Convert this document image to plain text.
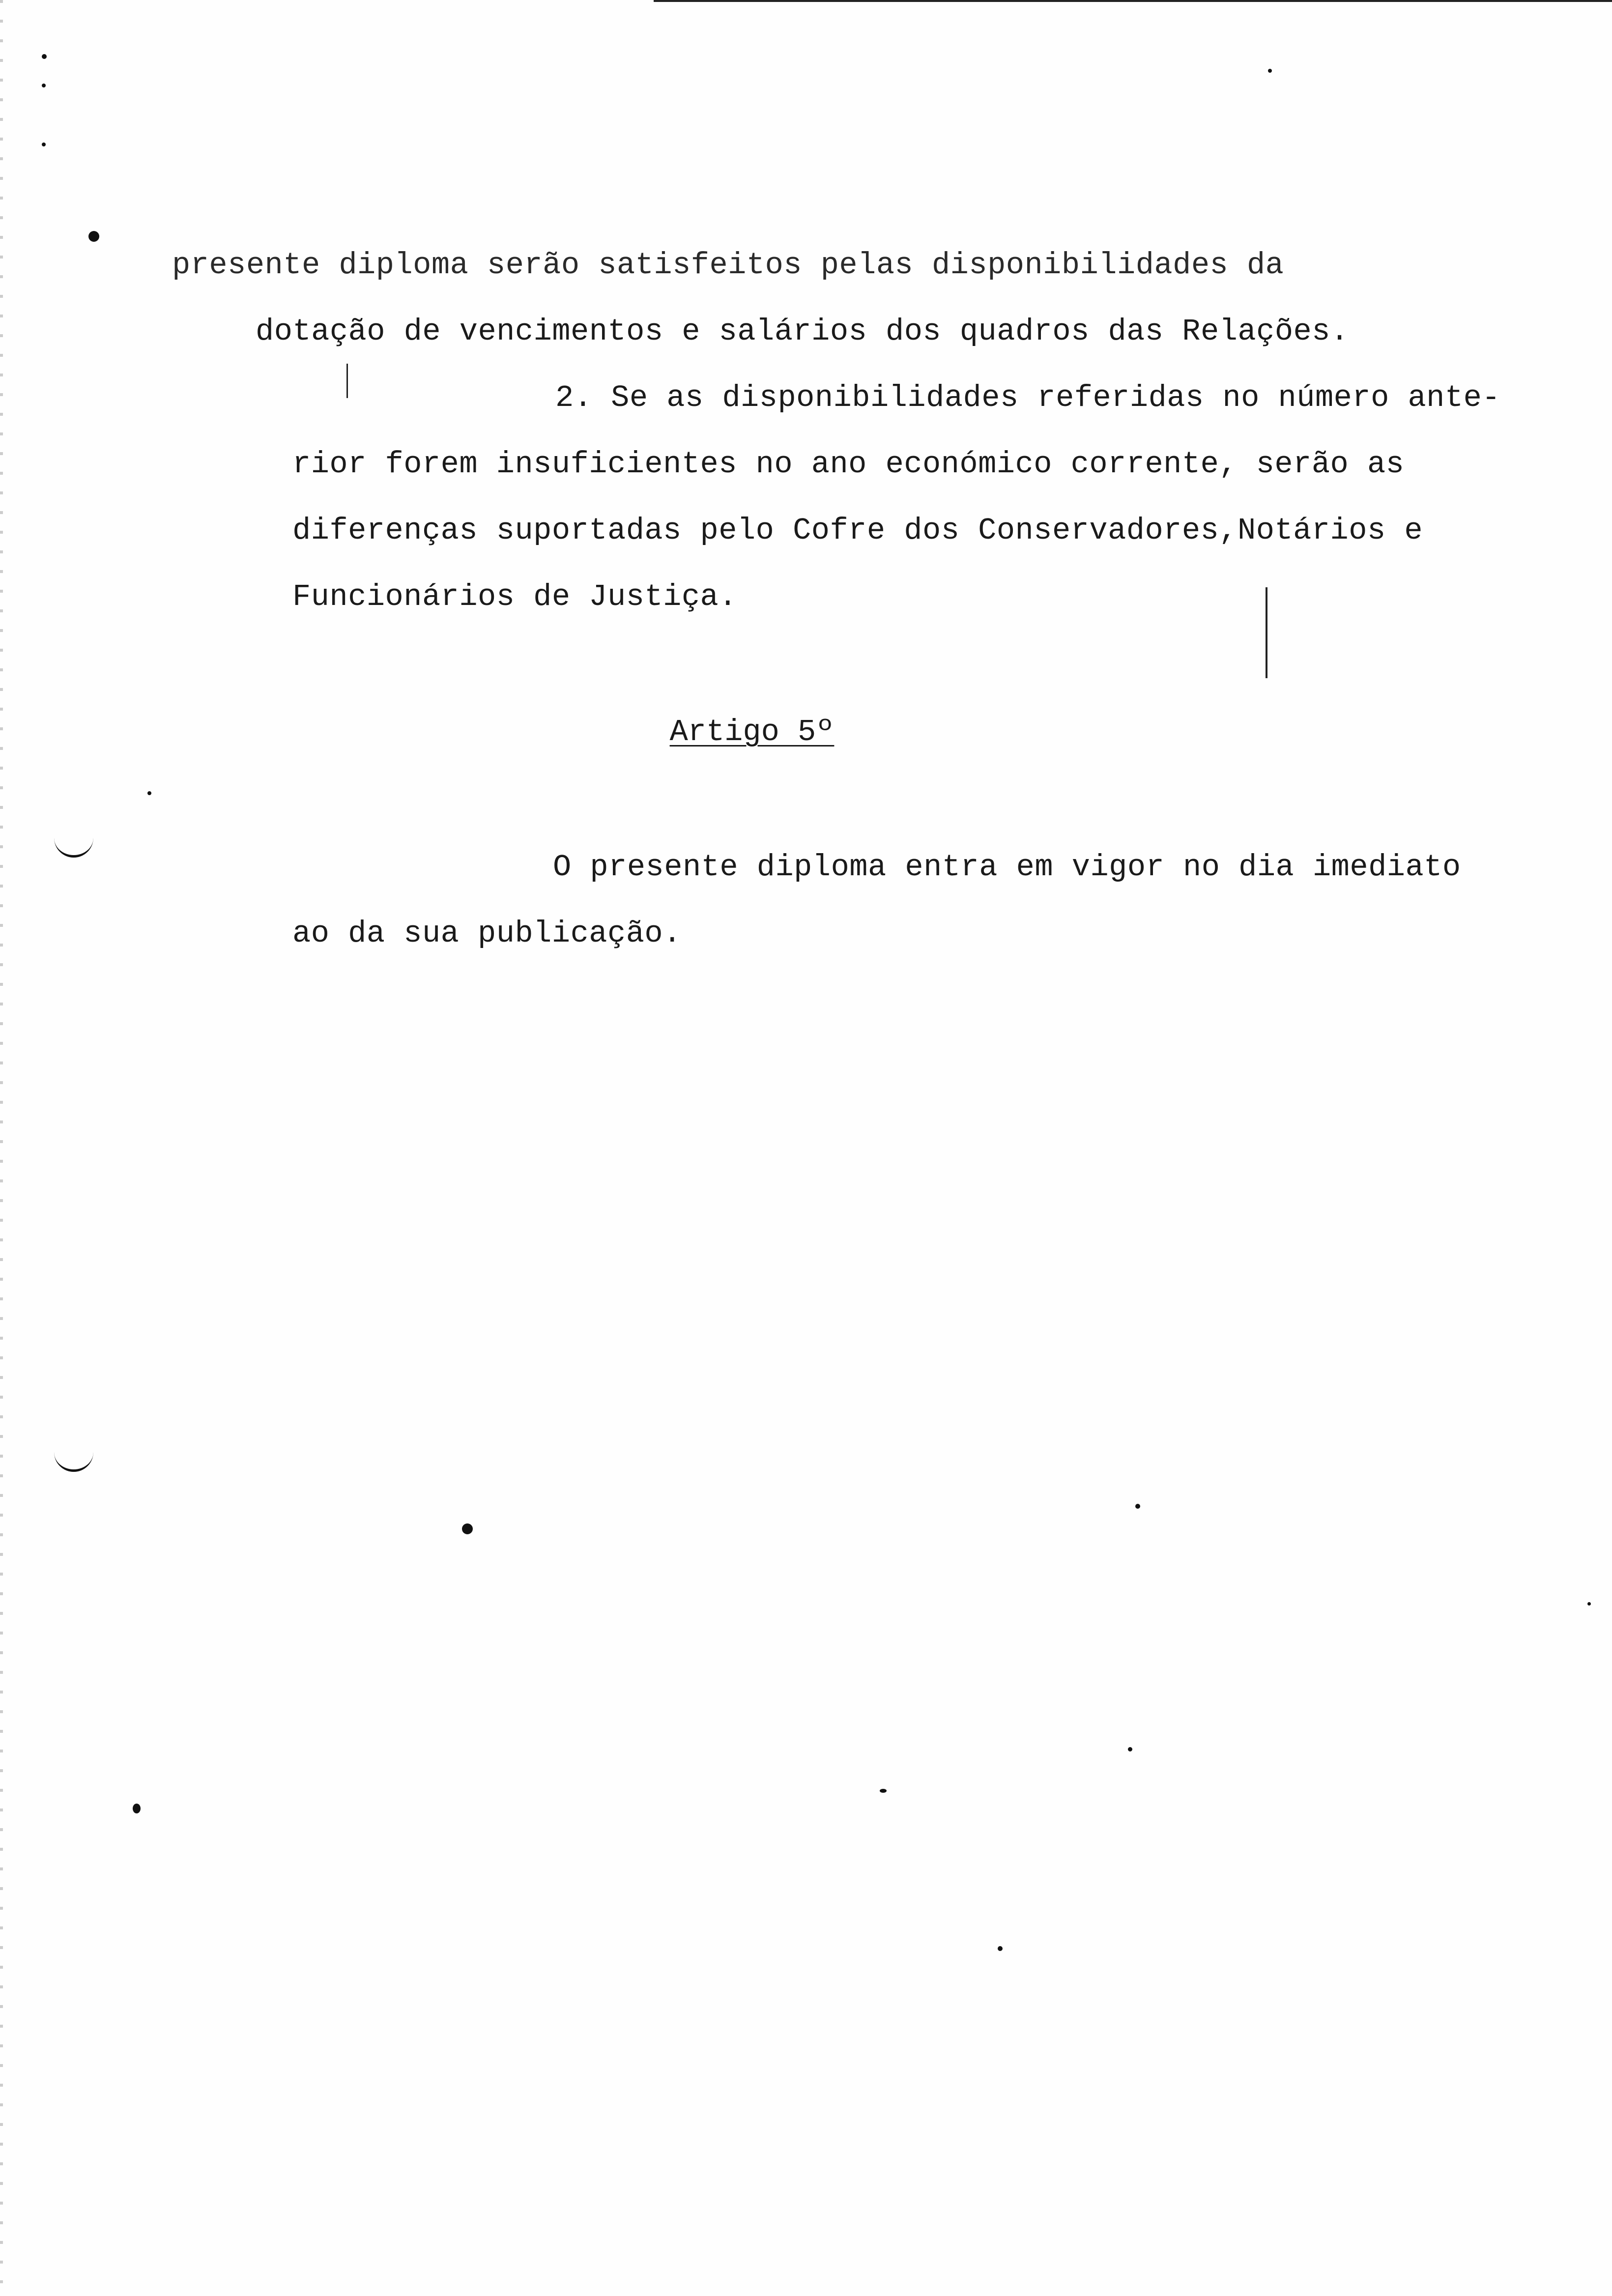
presente diploma serão satisfeitos pelas disponibilidades da
dotação de vencimentos e salários dos quadros das Relações.
2. Se as disponibilidades referidas no número ante-
rior forem insuficientes no ano económico corrente, serão as
diferenças suportadas pelo Cofre dos Conservadores,Notários e
Funcionários de Justiça.
Artigo 5º
O presente diploma entra em vigor no dia imediato
ao da sua publicação.
